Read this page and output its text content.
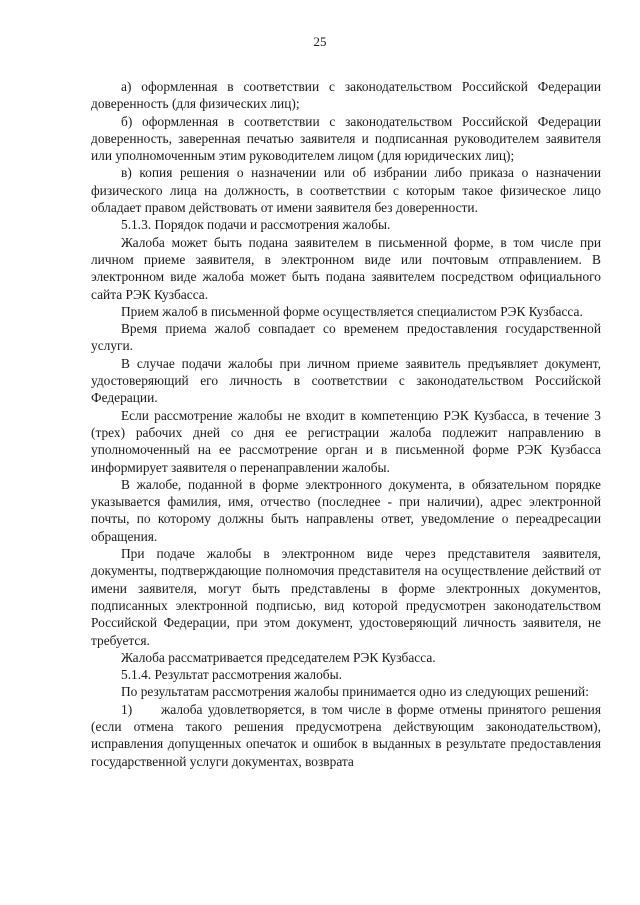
25

а) оформленная в соответствии с законодательством Российской Федерации доверенность (для физических лиц);

б) оформленная в соответствии с законодательством Российской Федерации доверенность, заверенная печатью заявителя и подписанная руководителем заявителя или уполномоченным этим руководителем лицом (для юридических лиц);

в) копия решения о назначении или об избрании либо приказа о назначении физического лица на должность, в соответствии с которым такое физическое лицо обладает правом действовать от имени заявителя без доверенности.

5.1.3. Порядок подачи и рассмотрения жалобы.

Жалоба может быть подана заявителем в письменной форме, в том числе при личном приеме заявителя, в электронном виде или почтовым отправлением. В электронном виде жалоба может быть подана заявителем посредством официального сайта РЭК Кузбасса.

Прием жалоб в письменной форме осуществляется специалистом РЭК Кузбасса.

Время приема жалоб совпадает со временем предоставления государственной услуги.

В случае подачи жалобы при личном приеме заявитель предъявляет документ, удостоверяющий его личность в соответствии с законодательством Российской Федерации.

Если рассмотрение жалобы не входит в компетенцию РЭК Кузбасса, в течение 3 (трех) рабочих дней со дня ее регистрации жалоба подлежит направлению в уполномоченный на ее рассмотрение орган и в письменной форме РЭК Кузбасса информирует заявителя о перенаправлении жалобы.

В жалобе, поданной в форме электронного документа, в обязательном порядке указывается фамилия, имя, отчество (последнее - при наличии), адрес электронной почты, по которому должны быть направлены ответ, уведомление о переадресации обращения.

При подаче жалобы в электронном виде через представителя заявителя, документы, подтверждающие полномочия представителя на осуществление действий от имени заявителя, могут быть представлены в форме электронных документов, подписанных электронной подписью, вид которой предусмотрен законодательством Российской Федерации, при этом документ, удостоверяющий личность заявителя, не требуется.

Жалоба рассматривается председателем РЭК Кузбасса.

5.1.4. Результат рассмотрения жалобы.

По результатам рассмотрения жалобы принимается одно из следующих решений:

1) жалоба удовлетворяется, в том числе в форме отмены принятого решения (если отмена такого решения предусмотрена действующим законодательством), исправления допущенных опечаток и ошибок в выданных в результате предоставления государственной услуги документах, возврата
